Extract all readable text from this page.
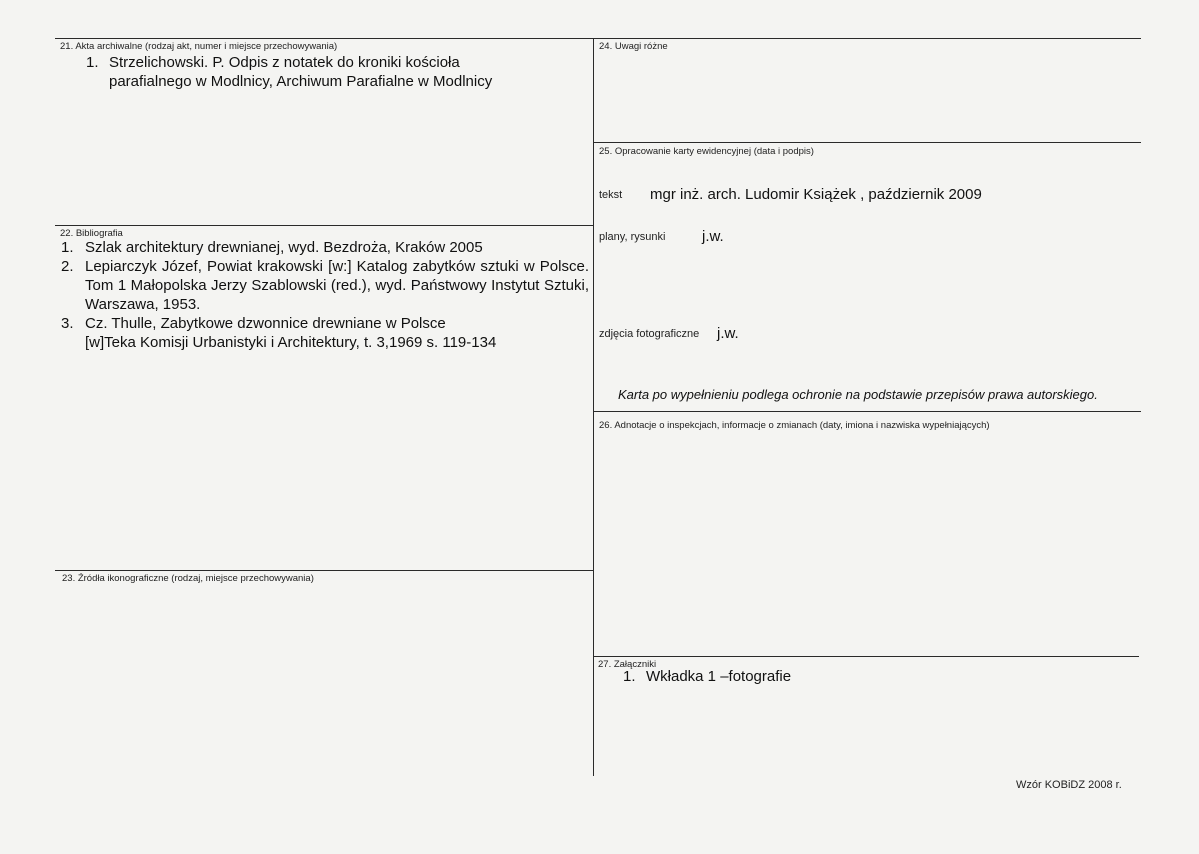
21. Akta archiwalne (rodzaj akt, numer i miejsce przechowywania)
1. Strzelichowski. P. Odpis z notatek do kroniki kościoła
parafialnego w Modlnicy, Archiwum Parafialne w Modlnicy
22. Bibliografia
1. Szlak architektury drewnianej, wyd. Bezdroża, Kraków 2005
2. Lepiarczyk Józef, Powiat krakowski [w:] Katalog zabytków sztuki w Polsce. Tom 1 Małopolska Jerzy Szablowski (red.), wyd. Państwowy Instytut Sztuki, Warszawa, 1953.
3. Cz. Thulle, Zabytkowe dzwonnice drewniane w Polsce [w]Teka Komisji Urbanistyki i Architektury, t. 3,1969 s. 119-134
23. Źródła ikonograficzne (rodzaj, miejsce przechowywania)
24. Uwagi różne
25. Opracowanie karty ewidencyjnej (data i podpis)
tekst mgr inż. arch. Ludomir Książek , październik 2009
plany, rysunki j.w.
zdjęcia fotograficzne j.w.
Karta po wypełnieniu podlega ochronie na podstawie przepisów prawa autorskiego.
26. Adnotacje o inspekcjach, informacje o zmianach (daty, imiona i nazwiska wypełniających)
27. Załączniki
1. Wkładka 1 –fotografie
Wzór KOBiDZ 2008 r.
